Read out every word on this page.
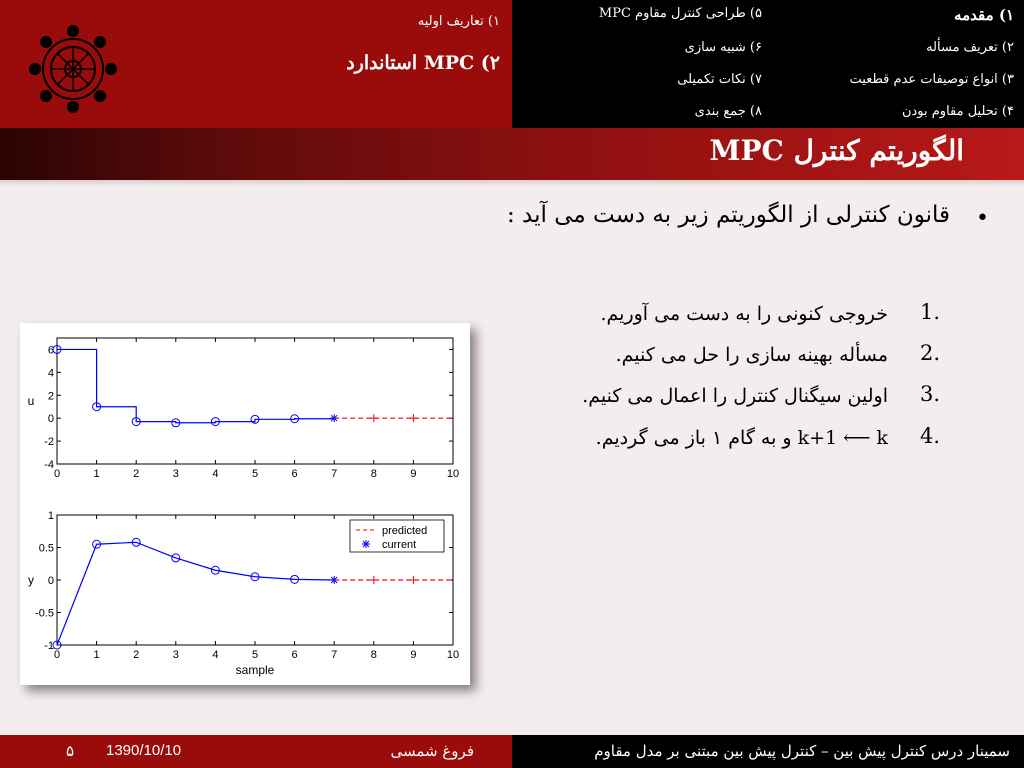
۱) مقدمه
۲) تعریف مسأله
۳) انواع توصیفات عدم قطعیت
۴) تحلیل مقاوم بودن
۵) طراحی کنترل مقاوم MPC
۶) شبیه سازی
۷) نکات تکمیلی
۸) جمع بندی
۱) تعاریف اولیه
۲) MPC استاندارد
الگوریتم کنترل MPC
•
قانون کنترلی از الگوریتم زیر به دست می آید :
1.
خروجی کنونی را به دست می آوریم.
2.
مسأله بهینه سازی را حل می کنیم.
3.
اولین سیگنال کنترل را اعمال می کنیم.
4.
k+1 ⟵ k و به گام ۱ باز می گردیم.
0	1	2	3	4	5	6	7	8	9	10
6
4
2
0
-2
-4
u
0	1	2	3	4	5	6	7	8	9	10
1
0.5
0
-0.5
-1
y
sample
predicted
current
سمینار درس کنترل پیش بین – کنترل پیش بین مبتنی بر مدل مقاوم
فروغ شمسی
1390/10/10
۵
